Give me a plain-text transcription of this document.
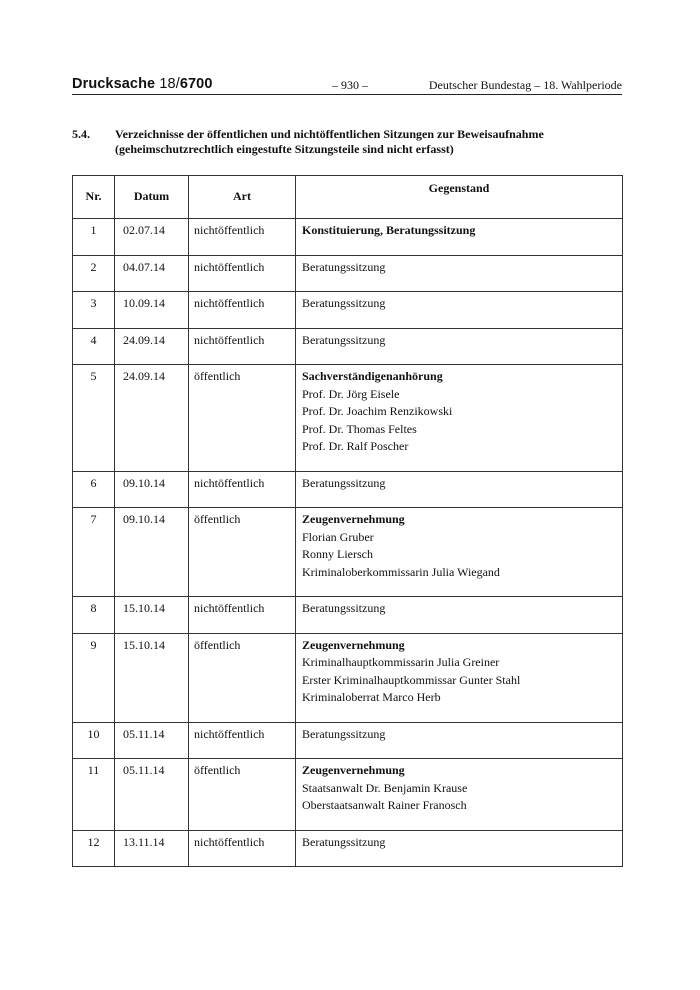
Drucksache 18/6700	– 930 –	Deutscher Bundestag – 18. Wahlperiode
5.4. Verzeichnisse der öffentlichen und nichtöffentlichen Sitzungen zur Beweisaufnahme (geheimschutzrechtlich eingestufte Sitzungsteile sind nicht erfasst)
Nr.	Datum	Art	Gegenstand
1	02.07.14	nichtöffentlich	Konstituierung, Beratungssitzung

2	04.07.14	nichtöffentlich	Beratungssitzung

3	10.09.14	nichtöffentlich	Beratungssitzung

4	24.09.14	nichtöffentlich	Beratungssitzung

5	24.09.14	öffentlich	Sachverständigenanhörung
Prof. Dr. Jörg Eisele
Prof. Dr. Joachim Renzikowski
Prof. Dr. Thomas Feltes
Prof. Dr. Ralf Poscher

6	09.10.14	nichtöffentlich	Beratungssitzung

7	09.10.14	öffentlich	Zeugenvernehmung
Florian Gruber
Ronny Liersch
Kriminaloberkommissarin Julia Wiegand

8	15.10.14	nichtöffentlich	Beratungssitzung

9	15.10.14	öffentlich	Zeugenvernehmung
Kriminalhauptkommissarin Julia Greiner
Erster Kriminalhauptkommissar Gunter Stahl
Kriminaloberrat Marco Herb

10	05.11.14	nichtöffentlich	Beratungssitzung

11	05.11.14	öffentlich	Zeugenvernehmung
Staatsanwalt Dr. Benjamin Krause
Oberstaatsanwalt Rainer Franosch

12	13.11.14	nichtöffentlich	Beratungssitzung
